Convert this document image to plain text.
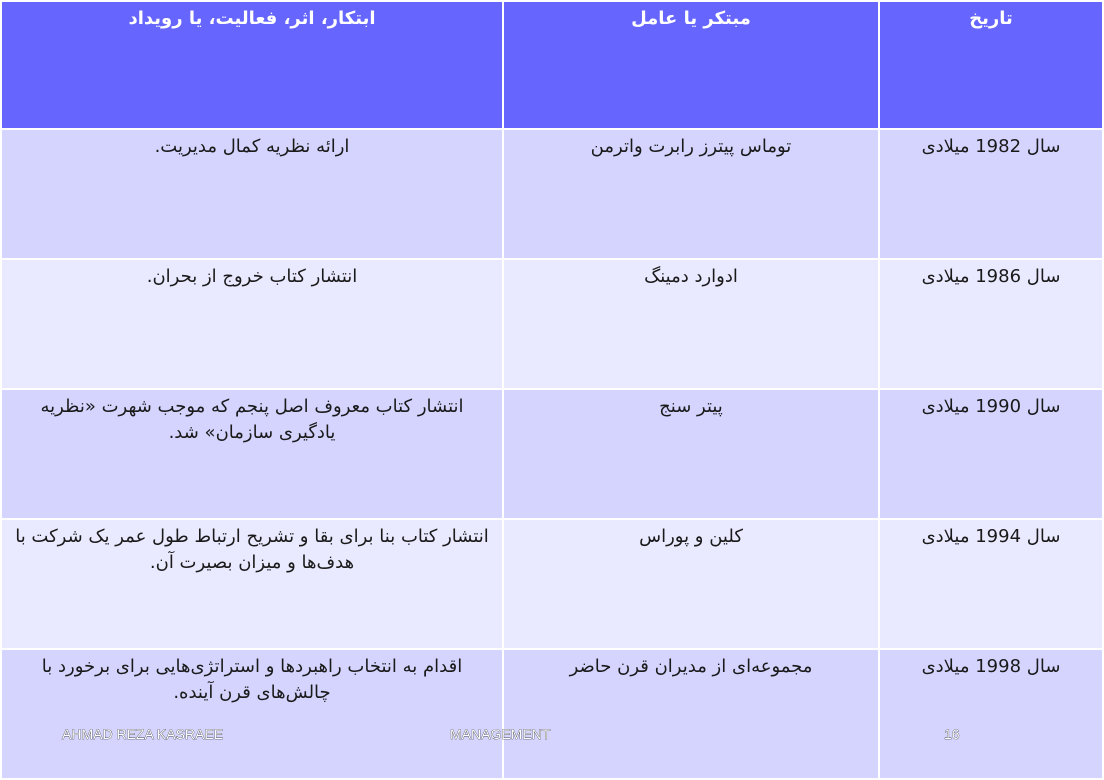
تاریخ	مبتکر یا عامل	ابتکار، اثر، فعالیت، یا رویداد
سال 1982 میلادی	توماس پیترز رابرت واترمن	ارائه نظریه کمال مدیریت.
سال 1986 میلادی	ادوارد دمینگ	انتشار کتاب خروج از بحران.
سال 1990 میلادی	پیتر سنج	انتشار کتاب معروف اصل پنجم که موجب شهرت «نظریه یادگیری سازمان» شد.
سال 1994 میلادی	کلین و پوراس	انتشار کتاب بنا برای بقا و تشریح ارتباط طول عمر یک شرکت با هدف‌ها و میزان بصیرت آن.
سال 1998 میلادی	مجموعه‌ای از مدیران قرن حاضر	اقدام به انتخاب راهبردها و استراتژی‌هایی برای برخورد با چالش‌های قرن آینده.
AHMAD REZA KASRAEE	MANAGEMENT	16
